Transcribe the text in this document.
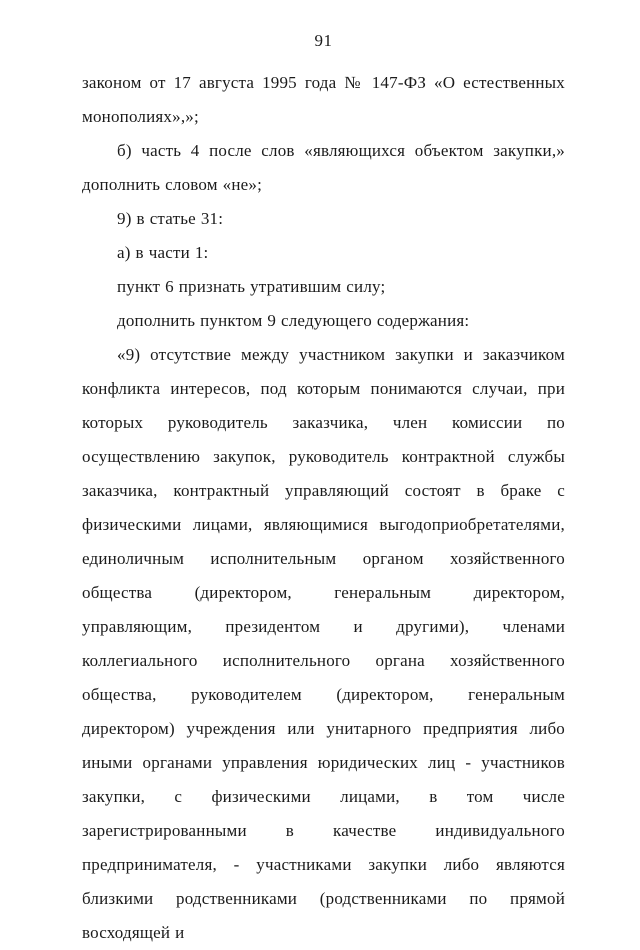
91

законом от 17 августа 1995 года № 147-ФЗ «О естественных монополиях»,»;

б) часть 4 после слов «являющихся объектом закупки,» дополнить словом «не»;

9) в статье 31:

а) в части 1:

пункт 6 признать утратившим силу;

дополнить пунктом 9 следующего содержания:

«9) отсутствие между участником закупки и заказчиком конфликта интересов, под которым понимаются случаи, при которых руководитель заказчика, член комиссии по осуществлению закупок, руководитель контрактной службы заказчика, контрактный управляющий состоят в браке с физическими лицами, являющимися выгодоприобретателями, единоличным исполнительным органом хозяйственного общества (директором, генеральным директором, управляющим, президентом и другими), членами коллегиального исполнительного органа хозяйственного общества, руководителем (директором, генеральным директором) учреждения или унитарного предприятия либо иными органами управления юридических лиц - участников закупки, с физическими лицами, в том числе зарегистрированными в качестве индивидуального предпринимателя, - участниками закупки либо являются близкими родственниками (родственниками по прямой восходящей и
